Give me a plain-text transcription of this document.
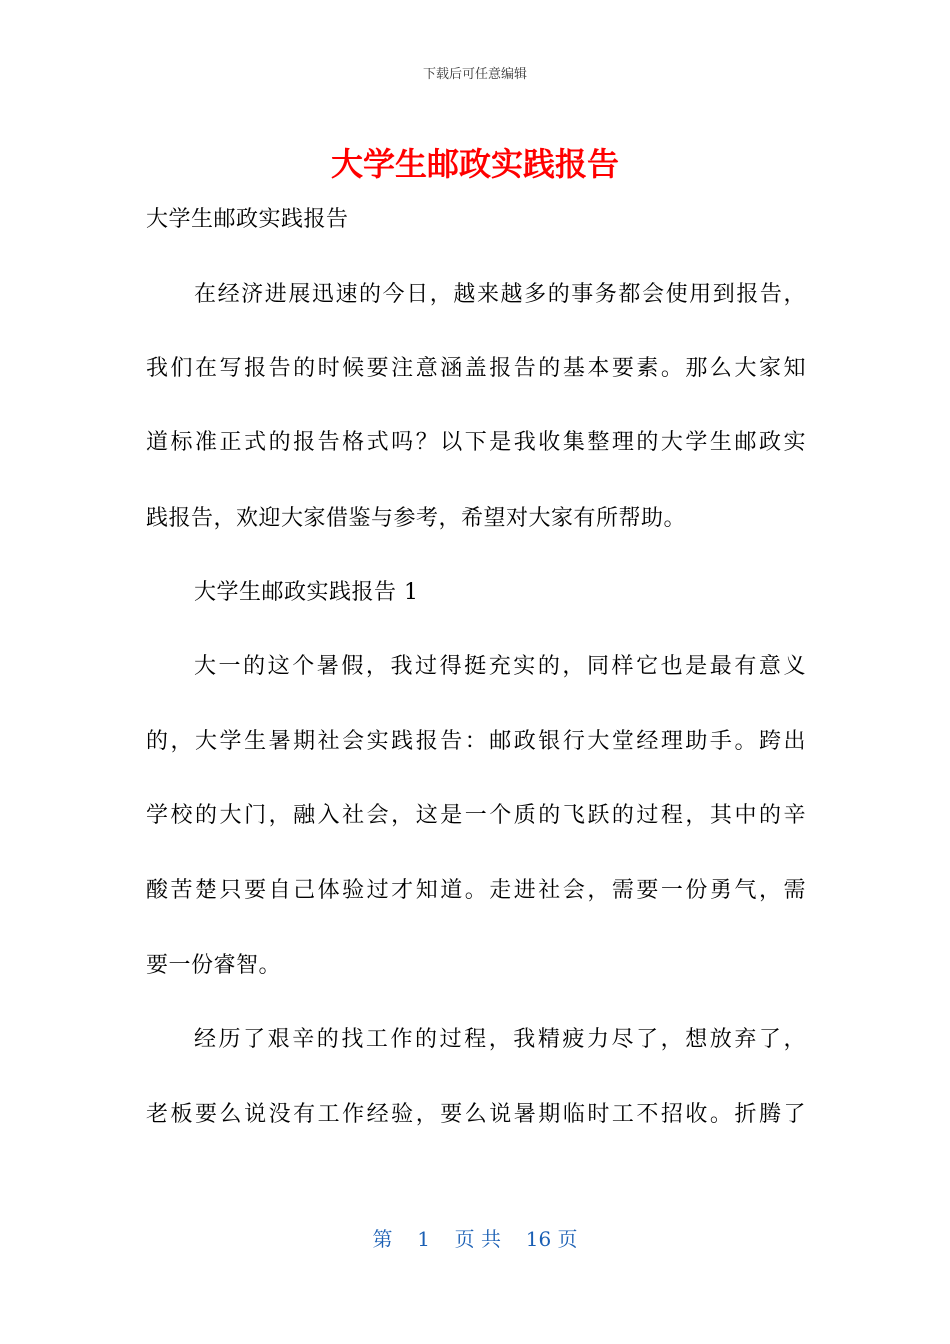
下载后可任意编辑
大学生邮政实践报告

大学生邮政实践报告

在经济进展迅速的今日，越来越多的事务都会使用到报告，

我们在写报告的时候要注意涵盖报告的基本要素。那么大家知

道标准正式的报告格式吗？以下是我收集整理的大学生邮政实

践报告，欢迎大家借鉴与参考，希望对大家有所帮助。

大学生邮政实践报告 1

大一的这个暑假，我过得挺充实的，同样它也是最有意义

的，大学生暑期社会实践报告：邮政银行大堂经理助手。跨出

学校的大门，融入社会，这是一个质的飞跃的过程，其中的辛

酸苦楚只要自己体验过才知道。走进社会，需要一份勇气，需

要一份睿智。

经历了艰辛的找工作的过程，我精疲力尽了，想放弃了，

老板要么说没有工作经验，要么说暑期临时工不招收。折腾了

第 1 页 共 16 页
